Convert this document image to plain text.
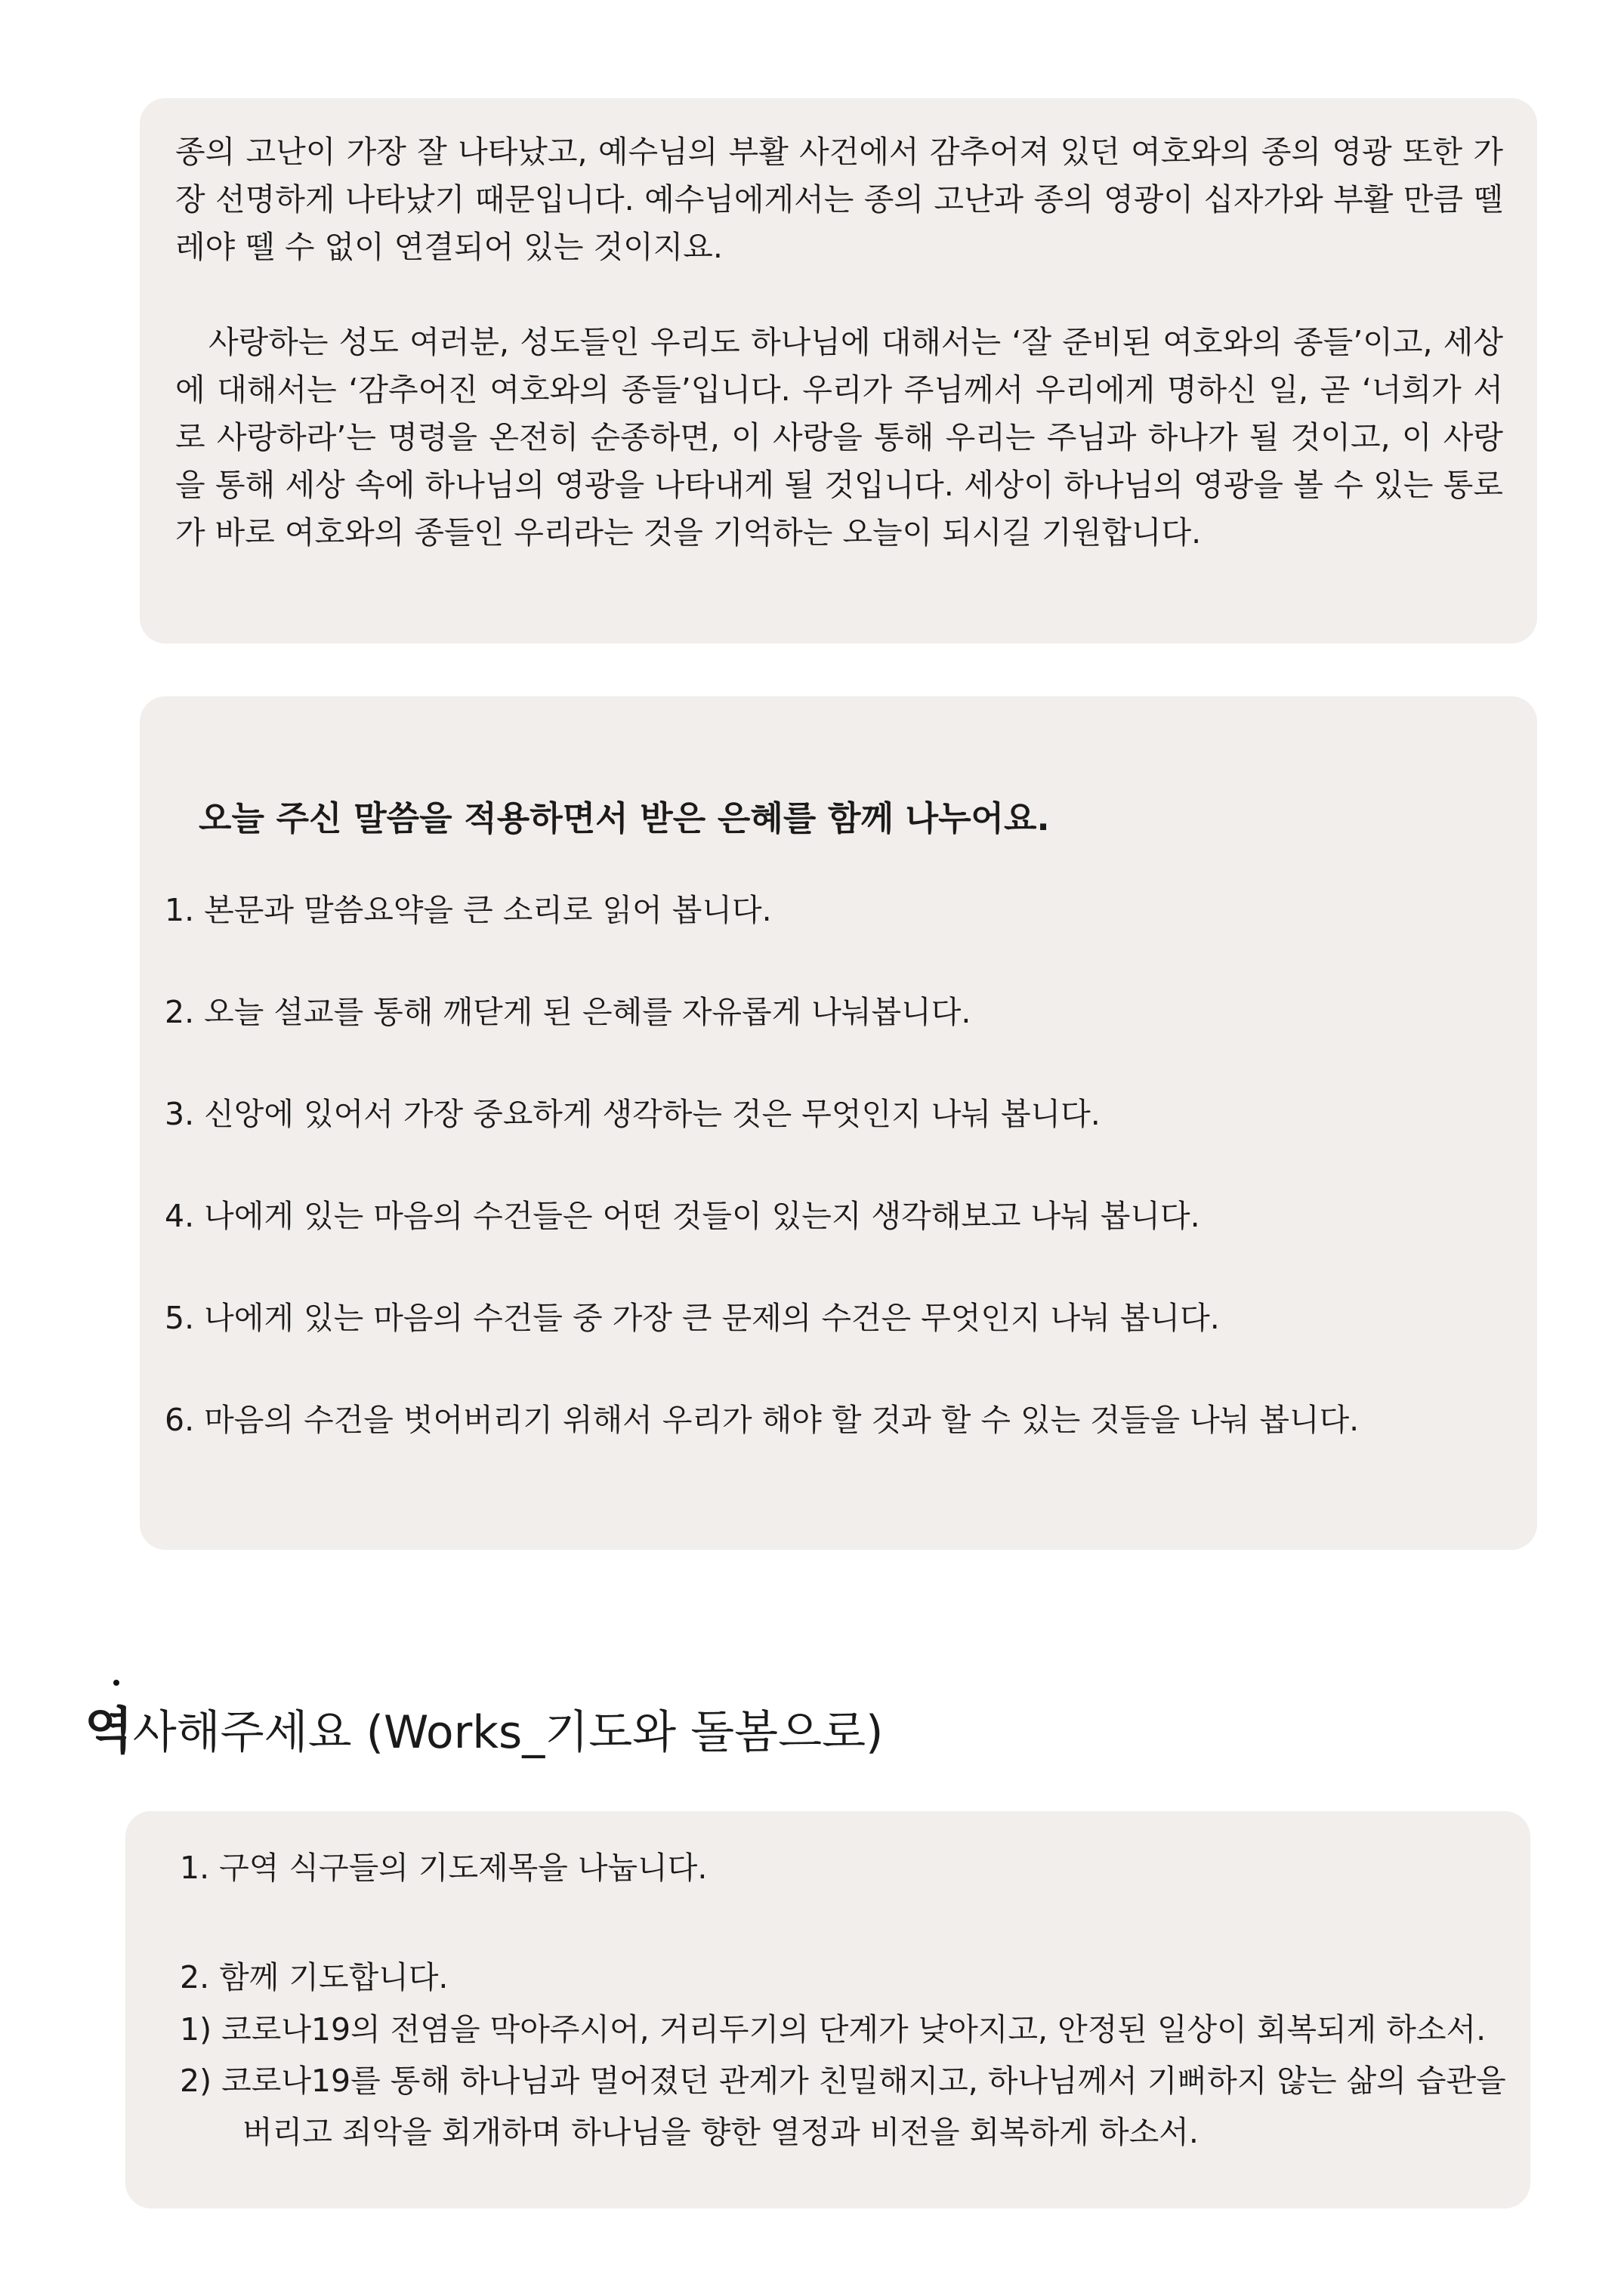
종의 고난이 가장 잘 나타났고, 예수님의 부활 사건에서 감추어져 있던 여호와의 종의 영광 또한 가장 선명하게 나타났기 때문입니다. 예수님에게서는 종의 고난과 종의 영광이 십자가와 부활 만큼 뗄레야 뗄 수 없이 연결되어 있는 것이지요.

사랑하는 성도 여러분, 성도들인 우리도 하나님에 대해서는 ‘잘 준비된 여호와의 종들’이고, 세상에 대해서는 ‘감추어진 여호와의 종들’입니다. 우리가 주님께서 우리에게 명하신 일, 곧 ‘너희가 서로 사랑하라’는 명령을 온전히 순종하면, 이 사랑을 통해 우리는 주님과 하나가 될 것이고, 이 사랑을 통해 세상 속에 하나님의 영광을 나타내게 될 것입니다. 세상이 하나님의 영광을 볼 수 있는 통로가 바로 여호와의 종들인 우리라는 것을 기억하는 오늘이 되시길 기원합니다.

오늘 주신 말씀을 적용하면서 받은 은혜를 함께 나누어요.
1. 본문과 말씀요약을 큰 소리로 읽어 봅니다.
2. 오늘 설교를 통해 깨닫게 된 은혜를 자유롭게 나눠봅니다.
3. 신앙에 있어서 가장 중요하게 생각하는 것은 무엇인지 나눠 봅니다.
4. 나에게 있는 마음의 수건들은 어떤 것들이 있는지 생각해보고 나눠 봅니다.
5. 나에게 있는 마음의 수건들 중 가장 큰 문제의 수건은 무엇인지 나눠 봅니다.
6. 마음의 수건을 벗어버리기 위해서 우리가 해야 할 것과 할 수 있는 것들을 나눠 봅니다.
역사해주세요 (Works_기도와 돌봄으로)

1. 구역 식구들의 기도제목을 나눕니다.

2. 함께 기도합니다.

1) 코로나19의 전염을 막아주시어, 거리두기의 단계가 낮아지고, 안정된 일상이 회복되게 하소서.

2) 코로나19를 통해 하나님과 멀어졌던 관계가 친밀해지고, 하나님께서 기뻐하지 않는 삶의 습관을

버리고 죄악을 회개하며 하나님을 향한 열정과 비전을 회복하게 하소서.
